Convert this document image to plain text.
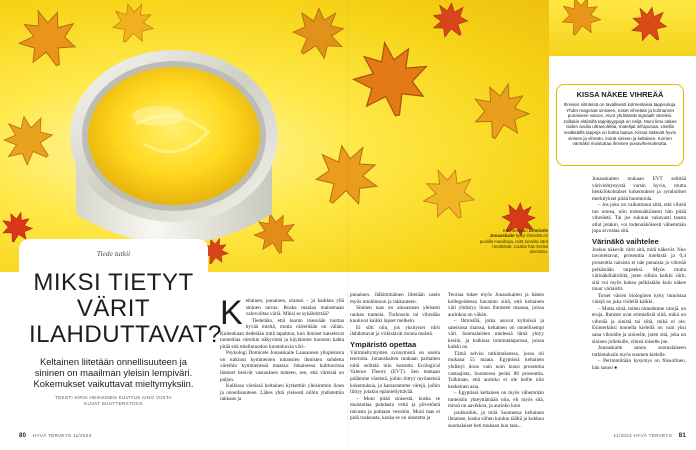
Kuvatessaan Domicele Jonauskaite kysyi ihmisiltä eri puolilla maailmaa, mitä tunteita värit herättävät. Lisäksi hän keräsi aineistoa.
Tiede tutkii
MIKSI TIETYT VÄRIT ILAHDUTTAVAT?

Keltainen liitetään onnellisuuteen ja sininen on maailman yleisin lempiväri. Kokemukset vaikuttavat mieltymyksiin.

TEKSTI KIRSI HEIKKINEN KUVITUS AINO VIISTA
KUVAT SHUTTERSTOCK
K eltainen, punainen, oranssi – ja kaikkea yllä sininen taivas. Ruska maalaa maisemaan valovoiltaa väriä. Miksi se sykähdyttää?

Tiedetään, että luonto itsessään tuottaa hyvää mieltä, mutta värieiltään on vähän. Kuitenkaan tiedetään mitä tapahtuu, kun ihmiset katselevat tunnetilaa väreihin näkyvästä ja käytämme luonnon kahta pitää sitä mielimuodon luontokuvia väri-.

Psykologi Domicele Jonauskaite Lausannen yliopistosta on tutkinut kymmenien tuhansien ihmisten suhdetta väreihin kymmenessä maassa. Jokaisessa kulttuurissa ihmiset tiesivät vastauksen tunteen, sen, että väreistä on paljon.

Kaikissa väreissä keltainen kytkettiin yleisimmin iloon ja onnellisuuteen. Lähes yhtä yleisesti niihin yhdistettiin rakkaus ja

punainen. Jälkimmäinen liitetään usein myös intohimoon ja rakkauteen.

Sininen taas on ainoastaan yleisesti rauhan tunteita. Turkoosin tai vihreään kuuluvat kaikki lapset melkein.

Ei silti niin, jos yksityiset värit ilahduttavat ja virkistävät monia meistä.

Ympäristö opettaa

Värimieltymysten synnymistä on useita teorioita. Jonauskaiten mukaan parhaiten niitä selittää niin kutsuttu Ecological Valence Theory (EVT). Sen mukaan pidämme väreistä, joihin liittyy myönteisiä kokemuksia, ja karsastamme värejä, joihin liittyy jotakin epämiellyttävää.

– Moni pitää sinisestä, koska se muistuttaa puhdasta vettä ja pilvetöntä taivasta ja puhtaan vesistön. Moni taas ei pidä ruskeasta, koska se on ulostetta ja

Teoriaa tukee myös Jonauskaiten ja hänen kollegoidensa havainto siitä, että keltainen väri yhdistyy iloon ihmisten maassa, joissa aurinkoa on vähän.

– Ihmisillä, jotka asuvat kylmissä ja sateisissa maissa, keltainen on onnellisempi väri. Suomalaisten mielessä tämä yhtyy kesiin, ja kaikissa toimintatapoissa, joissa kaikki on

Tämä selvisi tutkimuksessa, jossa oli mukana 55 maata. Egyptissä keltainen yhdistyi iloon vain noin kuusi prosenttia vastaajista, Suomessa peräti 88 prosenttia. Tulkitaan, että aurinko ei ole heille niin keskeinen asia.

– Egyptissä keltainen on myös vähemmän tunteisiin yhteyttämään niin, eli myös sitä, missä on aavikkoa, ja aurinko kuin

joukkoihin, ja mitä Suomessa keltainen ilmaisee, koska siihen kuuluu täältä ja kukkuu suomalaiset heti mukaan kun taas...

Jonauskaiten mukaan EVT selittää väriviehtymystä varsin hyvin, mutta henkilökohtaiset kokemukset ja symboliset merkitykset pitää huomioida.

– Jos joku on vaikuttunut siitä, että vihreä tuo onnea, niin todennäköisesti hän pitää vihreästä. Tai jos sukuun vakavasti tausta ollut jotakin, voi todennäköisesti vähemmän jopa arvostaa sitä.

Värinäkö vaihtelee

Joskus näkevät värit sitä, mitä näkevät. Nuo tavoiteltavat, prosenttia miehistä ja 0,4 prosenttia naisista ei näe punaista ja vihreää pelkästään tarpeeksi. Myös muita värinäköhäiriöitä, joten silloin kaikki värit, sitä voi myös kokea pelkästään kuin näkee muut väriaistit.

Toiset värien biologinen kyky tunnistaa värejä on joka viidellä kaikki.

– Mutta siinä, miten nimeämme värejä, on eroja. Ihmiset ovat erimielisiä siitä, mikä on vihreää ja sinistä tai siitä, mikä ei ole. Esimerkiksi monella kielellä on vain yksi sana vihreälle ja siniselle, joten sitä, joka on sininen jollekulle, vihreä toiselle jne.

Jonauskaite sanoo suomalaiseen tutkimuksiin myös suomen kielelle.

– Perimmiltään kysymys on filosofinen, hän sanoo ●

KISSA NÄKEE VIHREÄÄ
Ihmisen silmässä on tavallisesti kolmenlaisia tappisoluja. Yhdet reagoivat siniseen, toiset vihreään ja kolmannet punaiseen valoon. Aivot yhdistävät signaalit väreiksi. Joillakin eläimillä tappityyppejä on neljä. Moni lintu näkee niiden avulla ultraviolettia, matelijat infrapunaa. Useilla nisäkkäillä tappeja on kahta laatua. Kissat näkevät hyvin sinisen ja vihreän, koirat sinisen ja keltaisen. Koirien värinäkö muistuttaa ihmisen punavihersokeutta.
80 HYVÄ TERVEYS 11/2023	11/2023 HYVÄ TERVEYS 81
